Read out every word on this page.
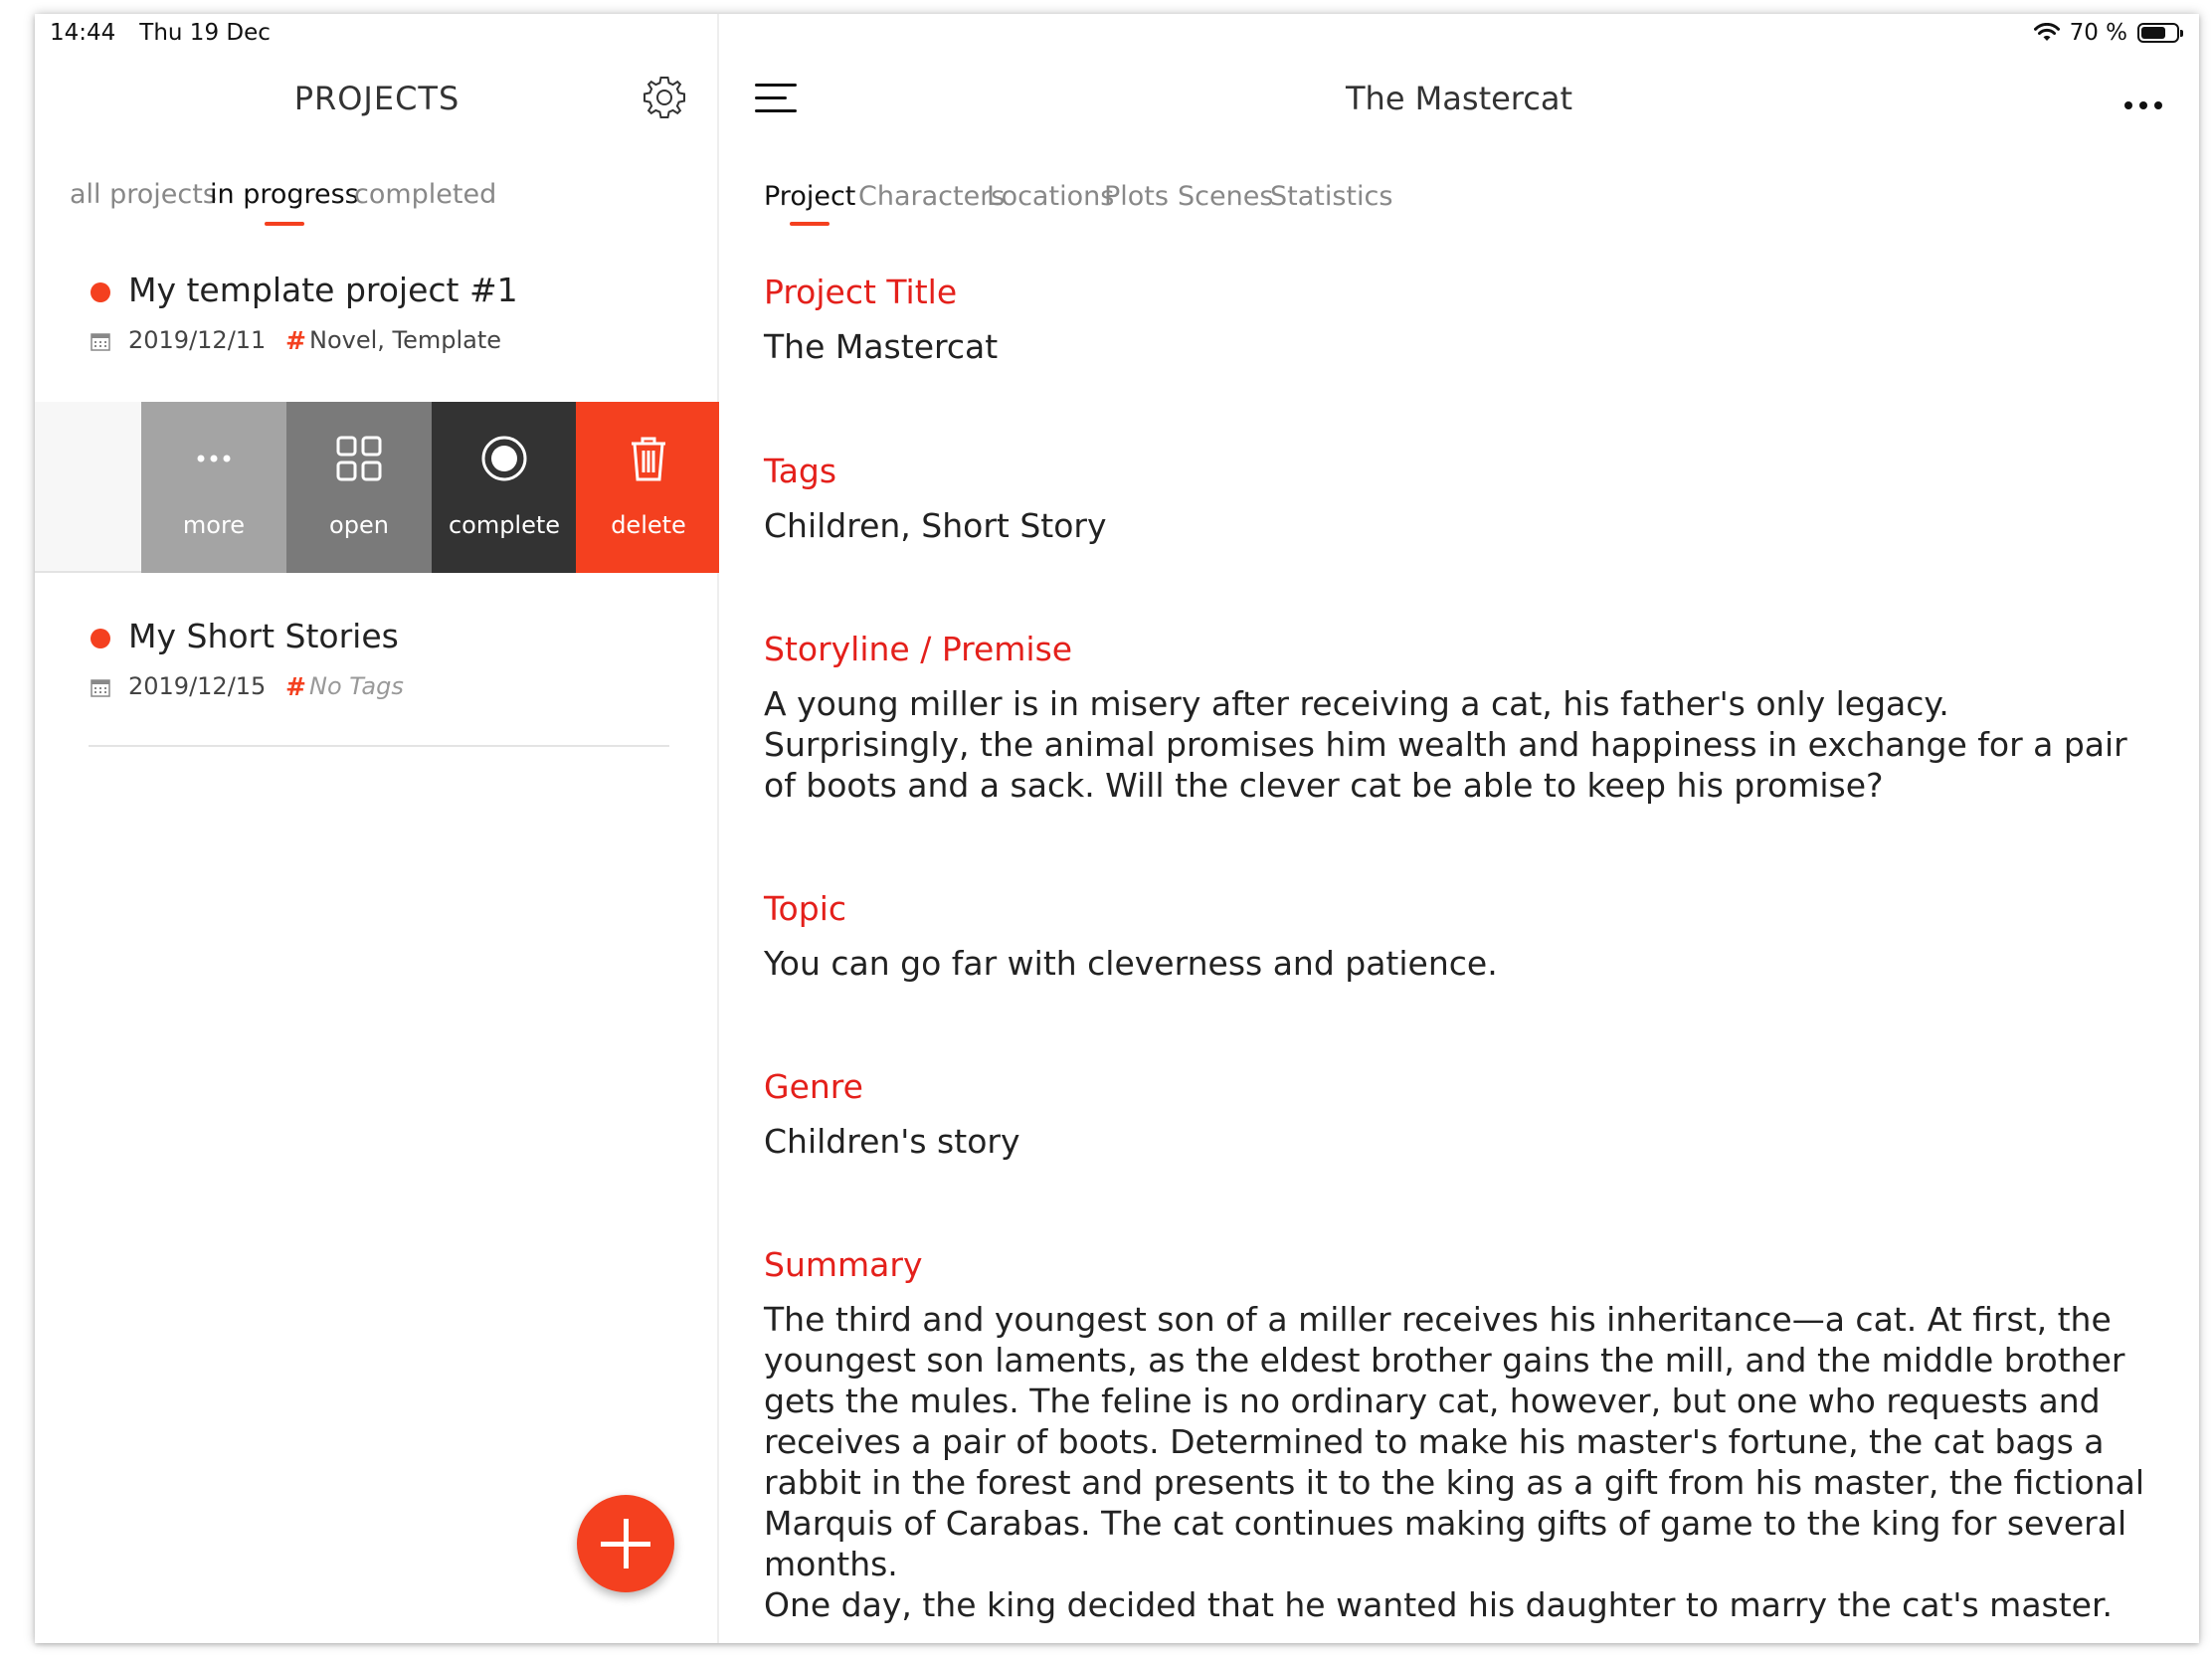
14:44 Thu 19 Dec	70 %
PROJECTS
all projects
in progress
completed
My template project #1
2019/12/11 # Novel, Template
more	open	complete	delete
My Short Stories
2019/12/15 # No Tags
The Mastercat
Project Characters
Locations
Plots Scenes
Statistics
Project Title
The Mastercat
Tags
Children, Short Story
Storyline / Premise
A young miller is in misery after receiving a cat, his father's only legacy. Surprisingly, the animal promises him wealth and happiness in exchange for a pair of boots and a sack. Will the clever cat be able to keep his promise?
Topic
You can go far with cleverness and patience.
Genre
Children's story
Summary
The third and youngest son of a miller receives his inheritance—a cat. At first, the youngest son laments, as the eldest brother gains the mill, and the middle brother gets the mules. The feline is no ordinary cat, however, but one who requests and receives a pair of boots. Determined to make his master's fortune, the cat bags a rabbit in the forest and presents it to the king as a gift from his master, the fictional Marquis of Carabas. The cat continues making gifts of game to the king for several months.
One day, the king decided that he wanted his daughter to marry the cat's master.
